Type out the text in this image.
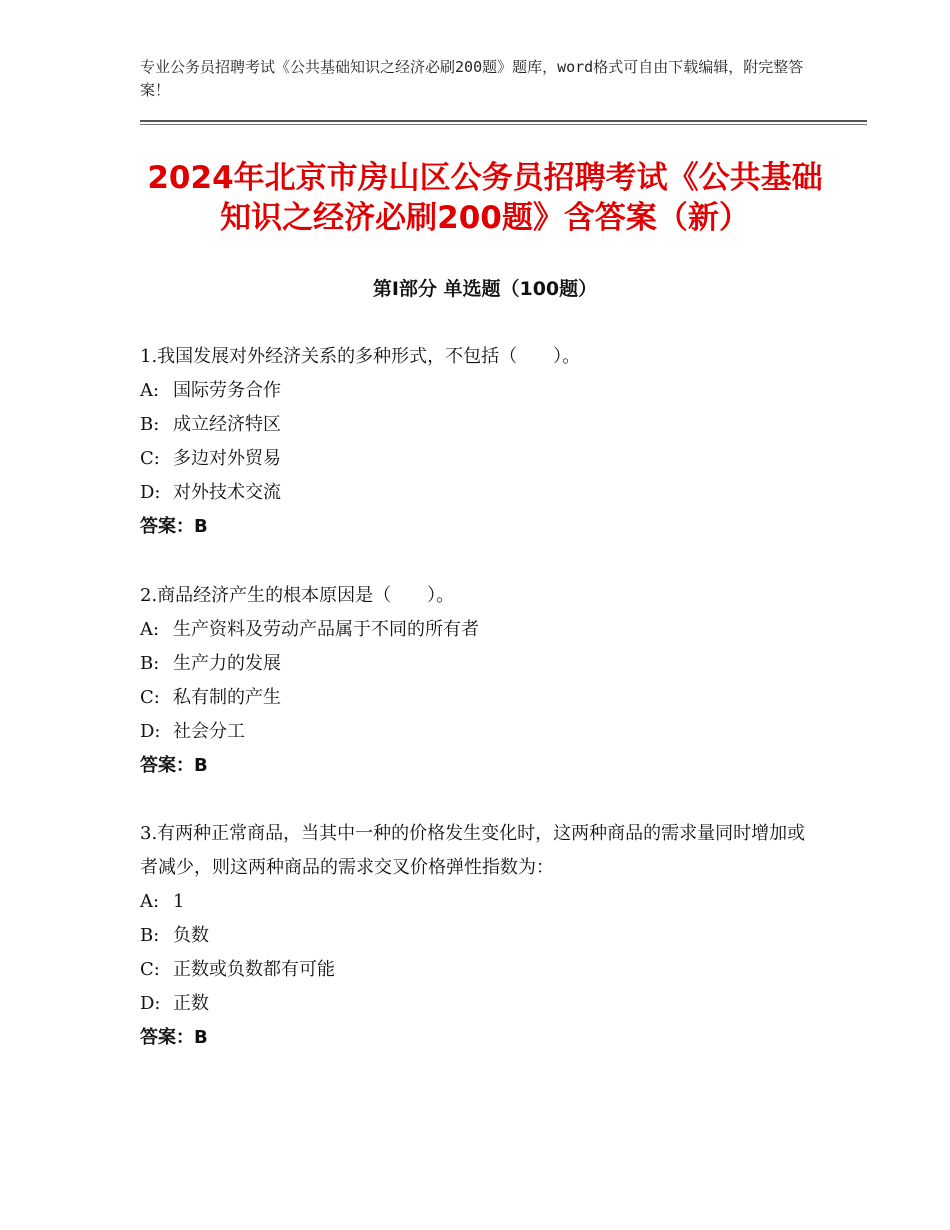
专业公务员招聘考试《公共基础知识之经济必刷200题》题库，word格式可自由下载编辑，附完整答案！
2024年北京市房山区公务员招聘考试《公共基础知识之经济必刷200题》含答案（新）
第Ⅰ部分 单选题（100题）
1.我国发展对外经济关系的多种形式，不包括（　　）。
A: 国际劳务合作
B: 成立经济特区
C: 多边对外贸易
D: 对外技术交流
答案：B
2.商品经济产生的根本原因是（　　）。
A: 生产资料及劳动产品属于不同的所有者
B: 生产力的发展
C: 私有制的产生
D: 社会分工
答案：B
3.有两种正常商品，当其中一种的价格发生变化时，这两种商品的需求量同时增加或者减少，则这两种商品的需求交叉价格弹性指数为：
A: 1
B: 负数
C: 正数或负数都有可能
D: 正数
答案：B
